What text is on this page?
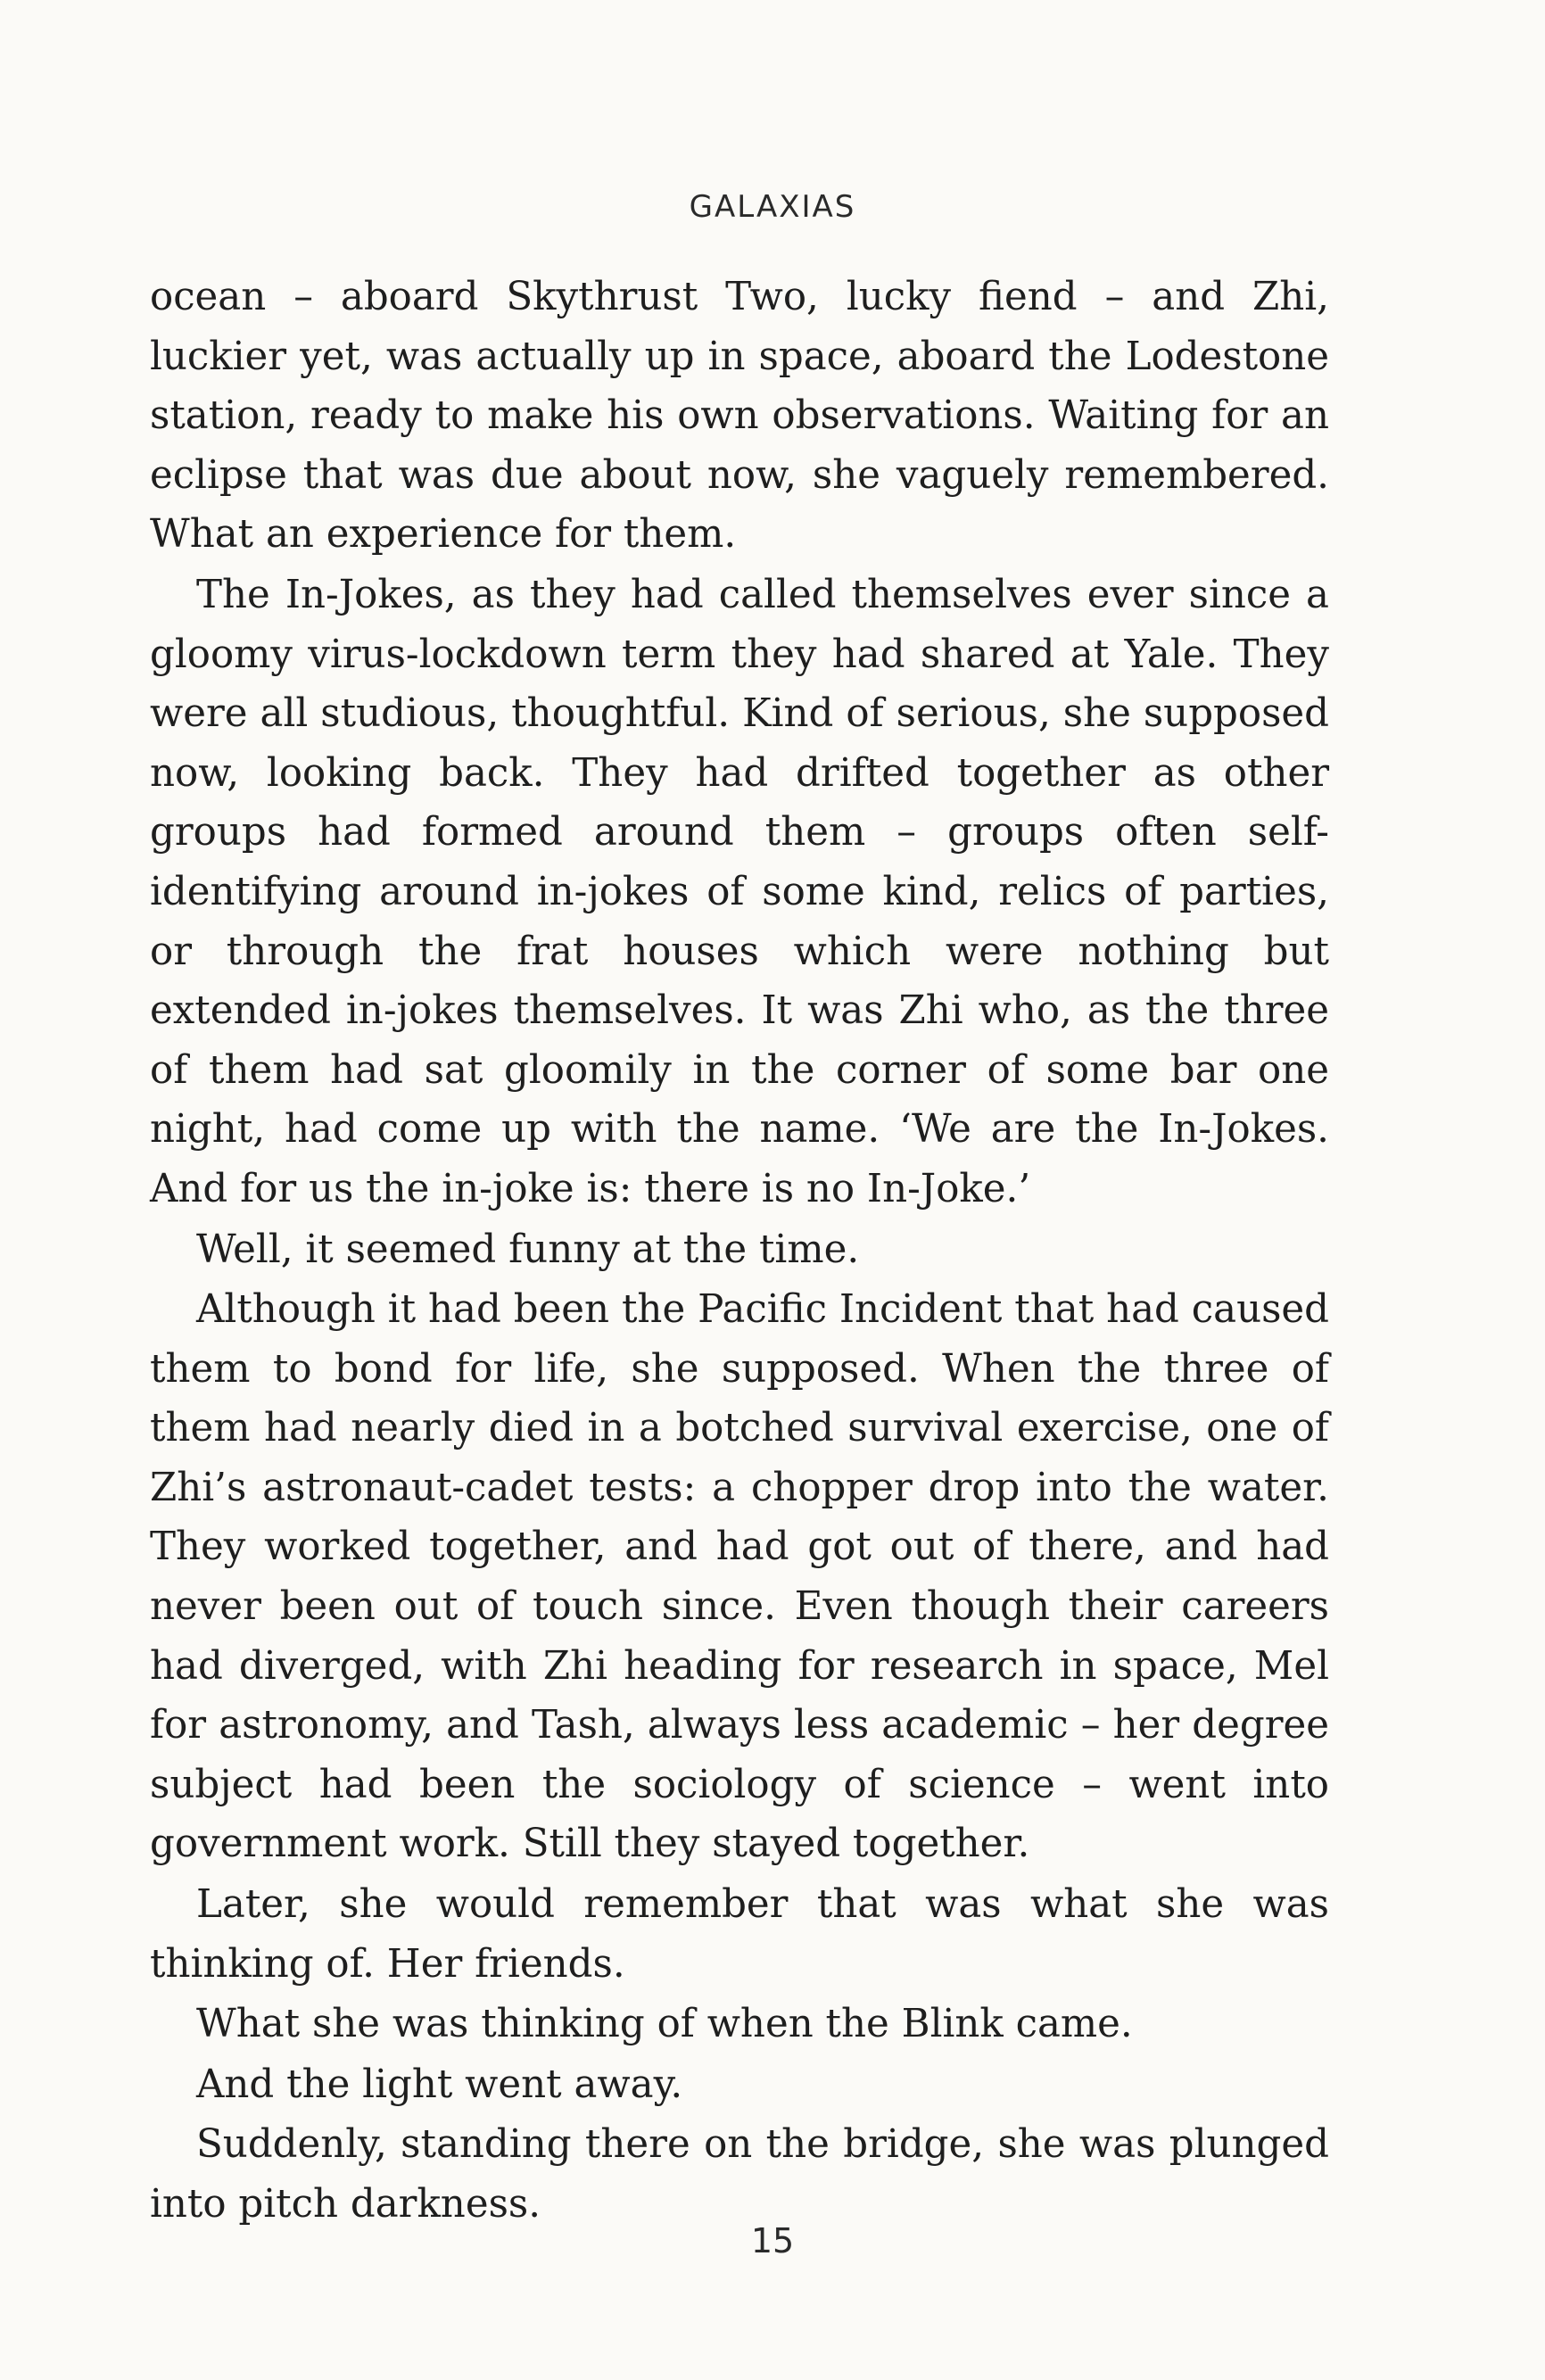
GALAXIAS

ocean – aboard Skythrust Two, lucky fiend – and Zhi, luckier yet, was actually up in space, aboard the Lodestone station, ready to make his own observations. Waiting for an eclipse that was due about now, she vaguely remembered. What an experience for them.

The In-Jokes, as they had called themselves ever since a gloomy virus-lockdown term they had shared at Yale. They were all studious, thoughtful. Kind of serious, she supposed now, looking back. They had drifted together as other groups had formed around them – groups often self-identifying around in-jokes of some kind, relics of parties, or through the frat houses which were nothing but extended in-jokes themselves. It was Zhi who, as the three of them had sat gloomily in the corner of some bar one night, had come up with the name. ‘We are the In-Jokes. And for us the in-joke is: there is no In-Joke.’

Well, it seemed funny at the time.

Although it had been the Pacific Incident that had caused them to bond for life, she supposed. When the three of them had nearly died in a botched survival exercise, one of Zhi’s astronaut-cadet tests: a chopper drop into the water. They worked together, and had got out of there, and had never been out of touch since. Even though their careers had diverged, with Zhi heading for research in space, Mel for astronomy, and Tash, always less academic – her degree subject had been the sociology of science – went into government work. Still they stayed together.

Later, she would remember that was what she was thinking of. Her friends.

What she was thinking of when the Blink came.

And the light went away.

Suddenly, standing there on the bridge, she was plunged into pitch darkness.

15
